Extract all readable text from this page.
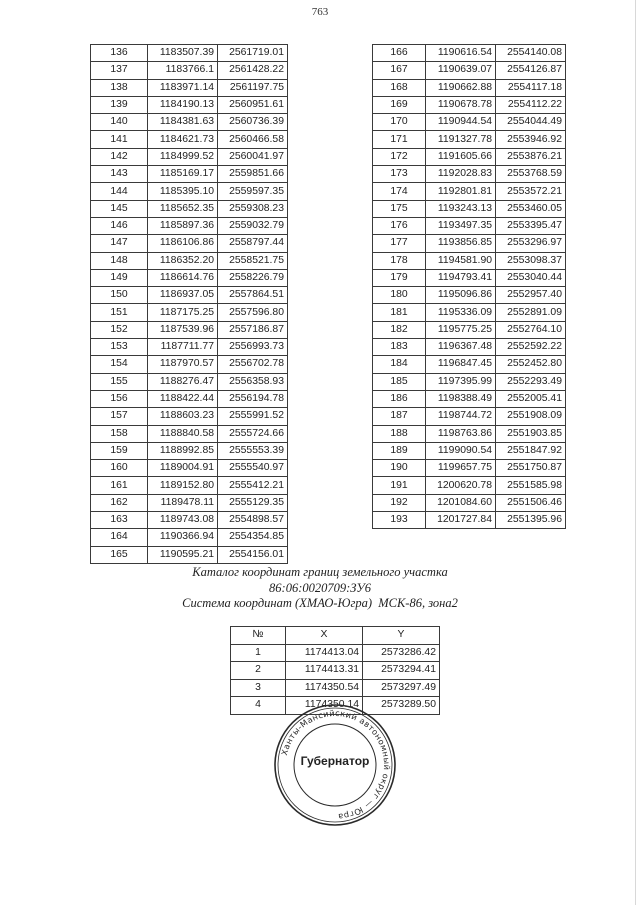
763
136	1183507.39	2561719.01
137	1183766.1	2561428.22
138	1183971.14	2561197.75
139	1184190.13	2560951.61
140	1184381.63	2560736.39
141	1184621.73	2560466.58
142	1184999.52	2560041.97
143	1185169.17	2559851.66
144	1185395.10	2559597.35
145	1185652.35	2559308.23
146	1185897.36	2559032.79
147	1186106.86	2558797.44
148	1186352.20	2558521.75
149	1186614.76	2558226.79
150	1186937.05	2557864.51
151	1187175.25	2557596.80
152	1187539.96	2557186.87
153	1187711.77	2556993.73
154	1187970.57	2556702.78
155	1188276.47	2556358.93
156	1188422.44	2556194.78
157	1188603.23	2555991.52
158	1188840.58	2555724.66
159	1188992.85	2555553.39
160	1189004.91	2555540.97
161	1189152.80	2555412.21
162	1189478.11	2555129.35
163	1189743.08	2554898.57
164	1190366.94	2554354.85
165	1190595.21	2554156.01
166	1190616.54	2554140.08
167	1190639.07	2554126.87
168	1190662.88	2554117.18
169	1190678.78	2554112.22
170	1190944.54	2554044.49
171	1191327.78	2553946.92
172	1191605.66	2553876.21
173	1192028.83	2553768.59
174	1192801.81	2553572.21
175	1193243.13	2553460.05
176	1193497.35	2553395.47
177	1193856.85	2553296.97
178	1194581.90	2553098.37
179	1194793.41	2553040.44
180	1195096.86	2552957.40
181	1195336.09	2552891.09
182	1195775.25	2552764.10
183	1196367.48	2552592.22
184	1196847.45	2552452.80
185	1197395.99	2552293.49
186	1198388.49	2552005.41
187	1198744.72	2551908.09
188	1198763.86	2551903.85
189	1199090.54	2551847.92
190	1199657.75	2551750.87
191	1200620.78	2551585.98
192	1201084.60	2551506.46
193	1201727.84	2551395.96
Каталог координат границ земельного участка
86:06:0020709:ЗУ6
Система координат (ХМАО-Югра)  МСК-86, зона2
№	X	Y
1	1174413.04	2573286.42
2	1174413.31	2573294.41
3	1174350.54	2573297.49
4	1174350.14	2573289.50
Ханты-Мансийский автономный округ — Югра
Губернатор
